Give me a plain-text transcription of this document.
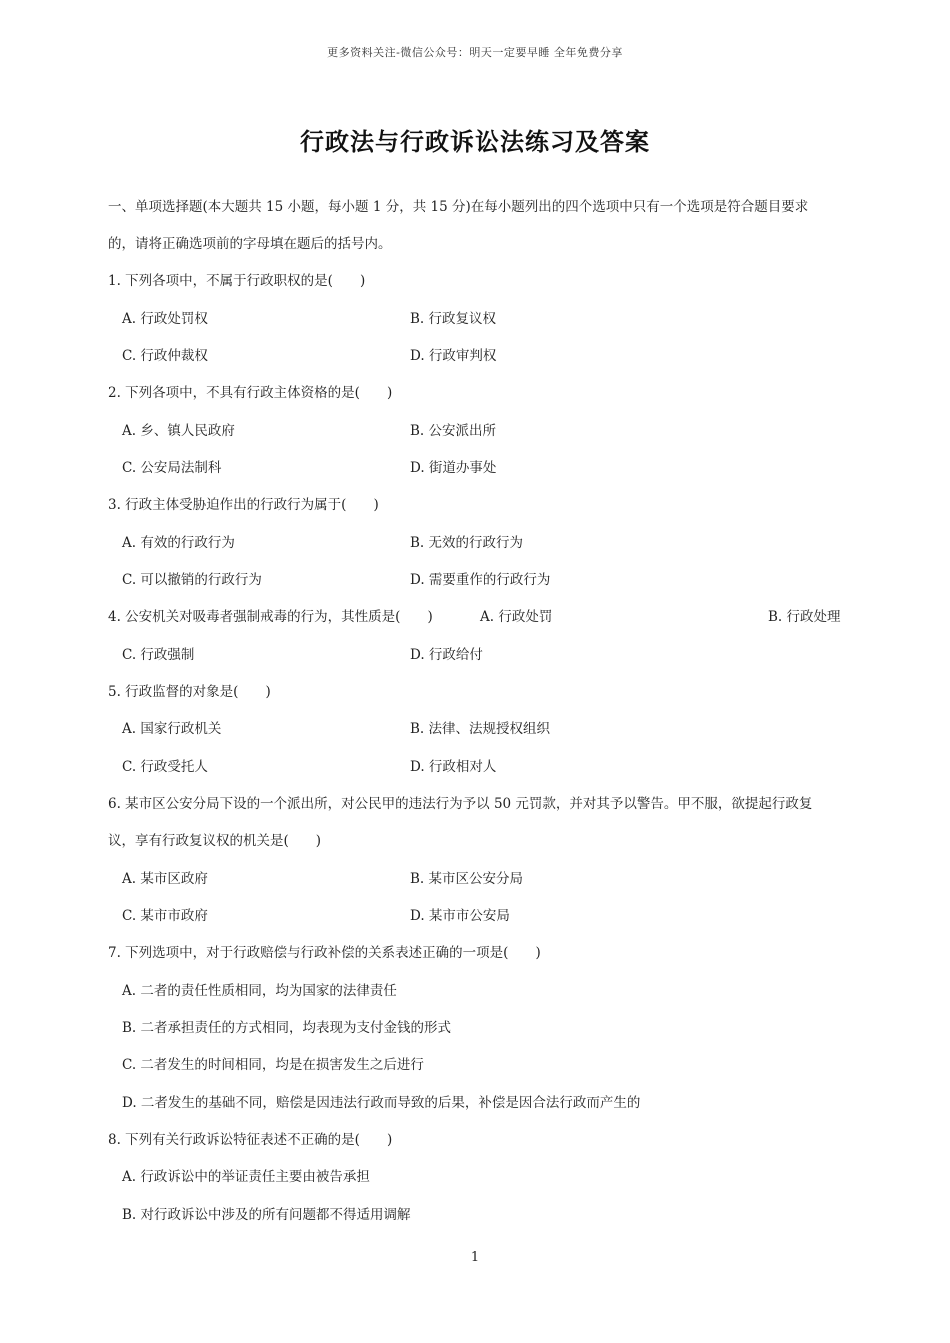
更多资料关注-微信公众号：明天一定要早睡 全年免费分享
行政法与行政诉讼法练习及答案
一、单项选择题(本大题共 15 小题，每小题 1 分，共 15 分)在每小题列出的四个选项中只有一个选项是符合题目要求
的，请将正确选项前的字母填在题后的括号内。
1. 下列各项中，不属于行政职权的是(　　)
A. 行政处罚权	B. 行政复议权
C. 行政仲裁权	D. 行政审判权
2. 下列各项中，不具有行政主体资格的是(　　)
A. 乡、镇人民政府	B. 公安派出所
C. 公安局法制科	D. 街道办事处
3. 行政主体受胁迫作出的行政行为属于(　　)
A. 有效的行政行为	B. 无效的行政行为
C. 可以撤销的行政行为	D. 需要重作的行政行为
4. 公安机关对吸毒者强制戒毒的行为，其性质是(　　)	A. 行政处罚	B. 行政处理
C. 行政强制	D. 行政给付
5. 行政监督的对象是(　　)
A. 国家行政机关	B. 法律、法规授权组织
C. 行政受托人	D. 行政相对人
6. 某市区公安分局下设的一个派出所，对公民甲的违法行为予以 50 元罚款，并对其予以警告。甲不服，欲提起行政复
议，享有行政复议权的机关是(　　)
A. 某市区政府	B. 某市区公安分局
C. 某市市政府	D. 某市市公安局
7. 下列选项中，对于行政赔偿与行政补偿的关系表述正确的一项是(　　)
A. 二者的责任性质相同，均为国家的法律责任
B. 二者承担责任的方式相同，均表现为支付金钱的形式
C. 二者发生的时间相同，均是在损害发生之后进行
D. 二者发生的基础不同，赔偿是因违法行政而导致的后果，补偿是因合法行政而产生的
8. 下列有关行政诉讼特征表述不正确的是(　　)
A. 行政诉讼中的举证责任主要由被告承担
B. 对行政诉讼中涉及的所有问题都不得适用调解
1
